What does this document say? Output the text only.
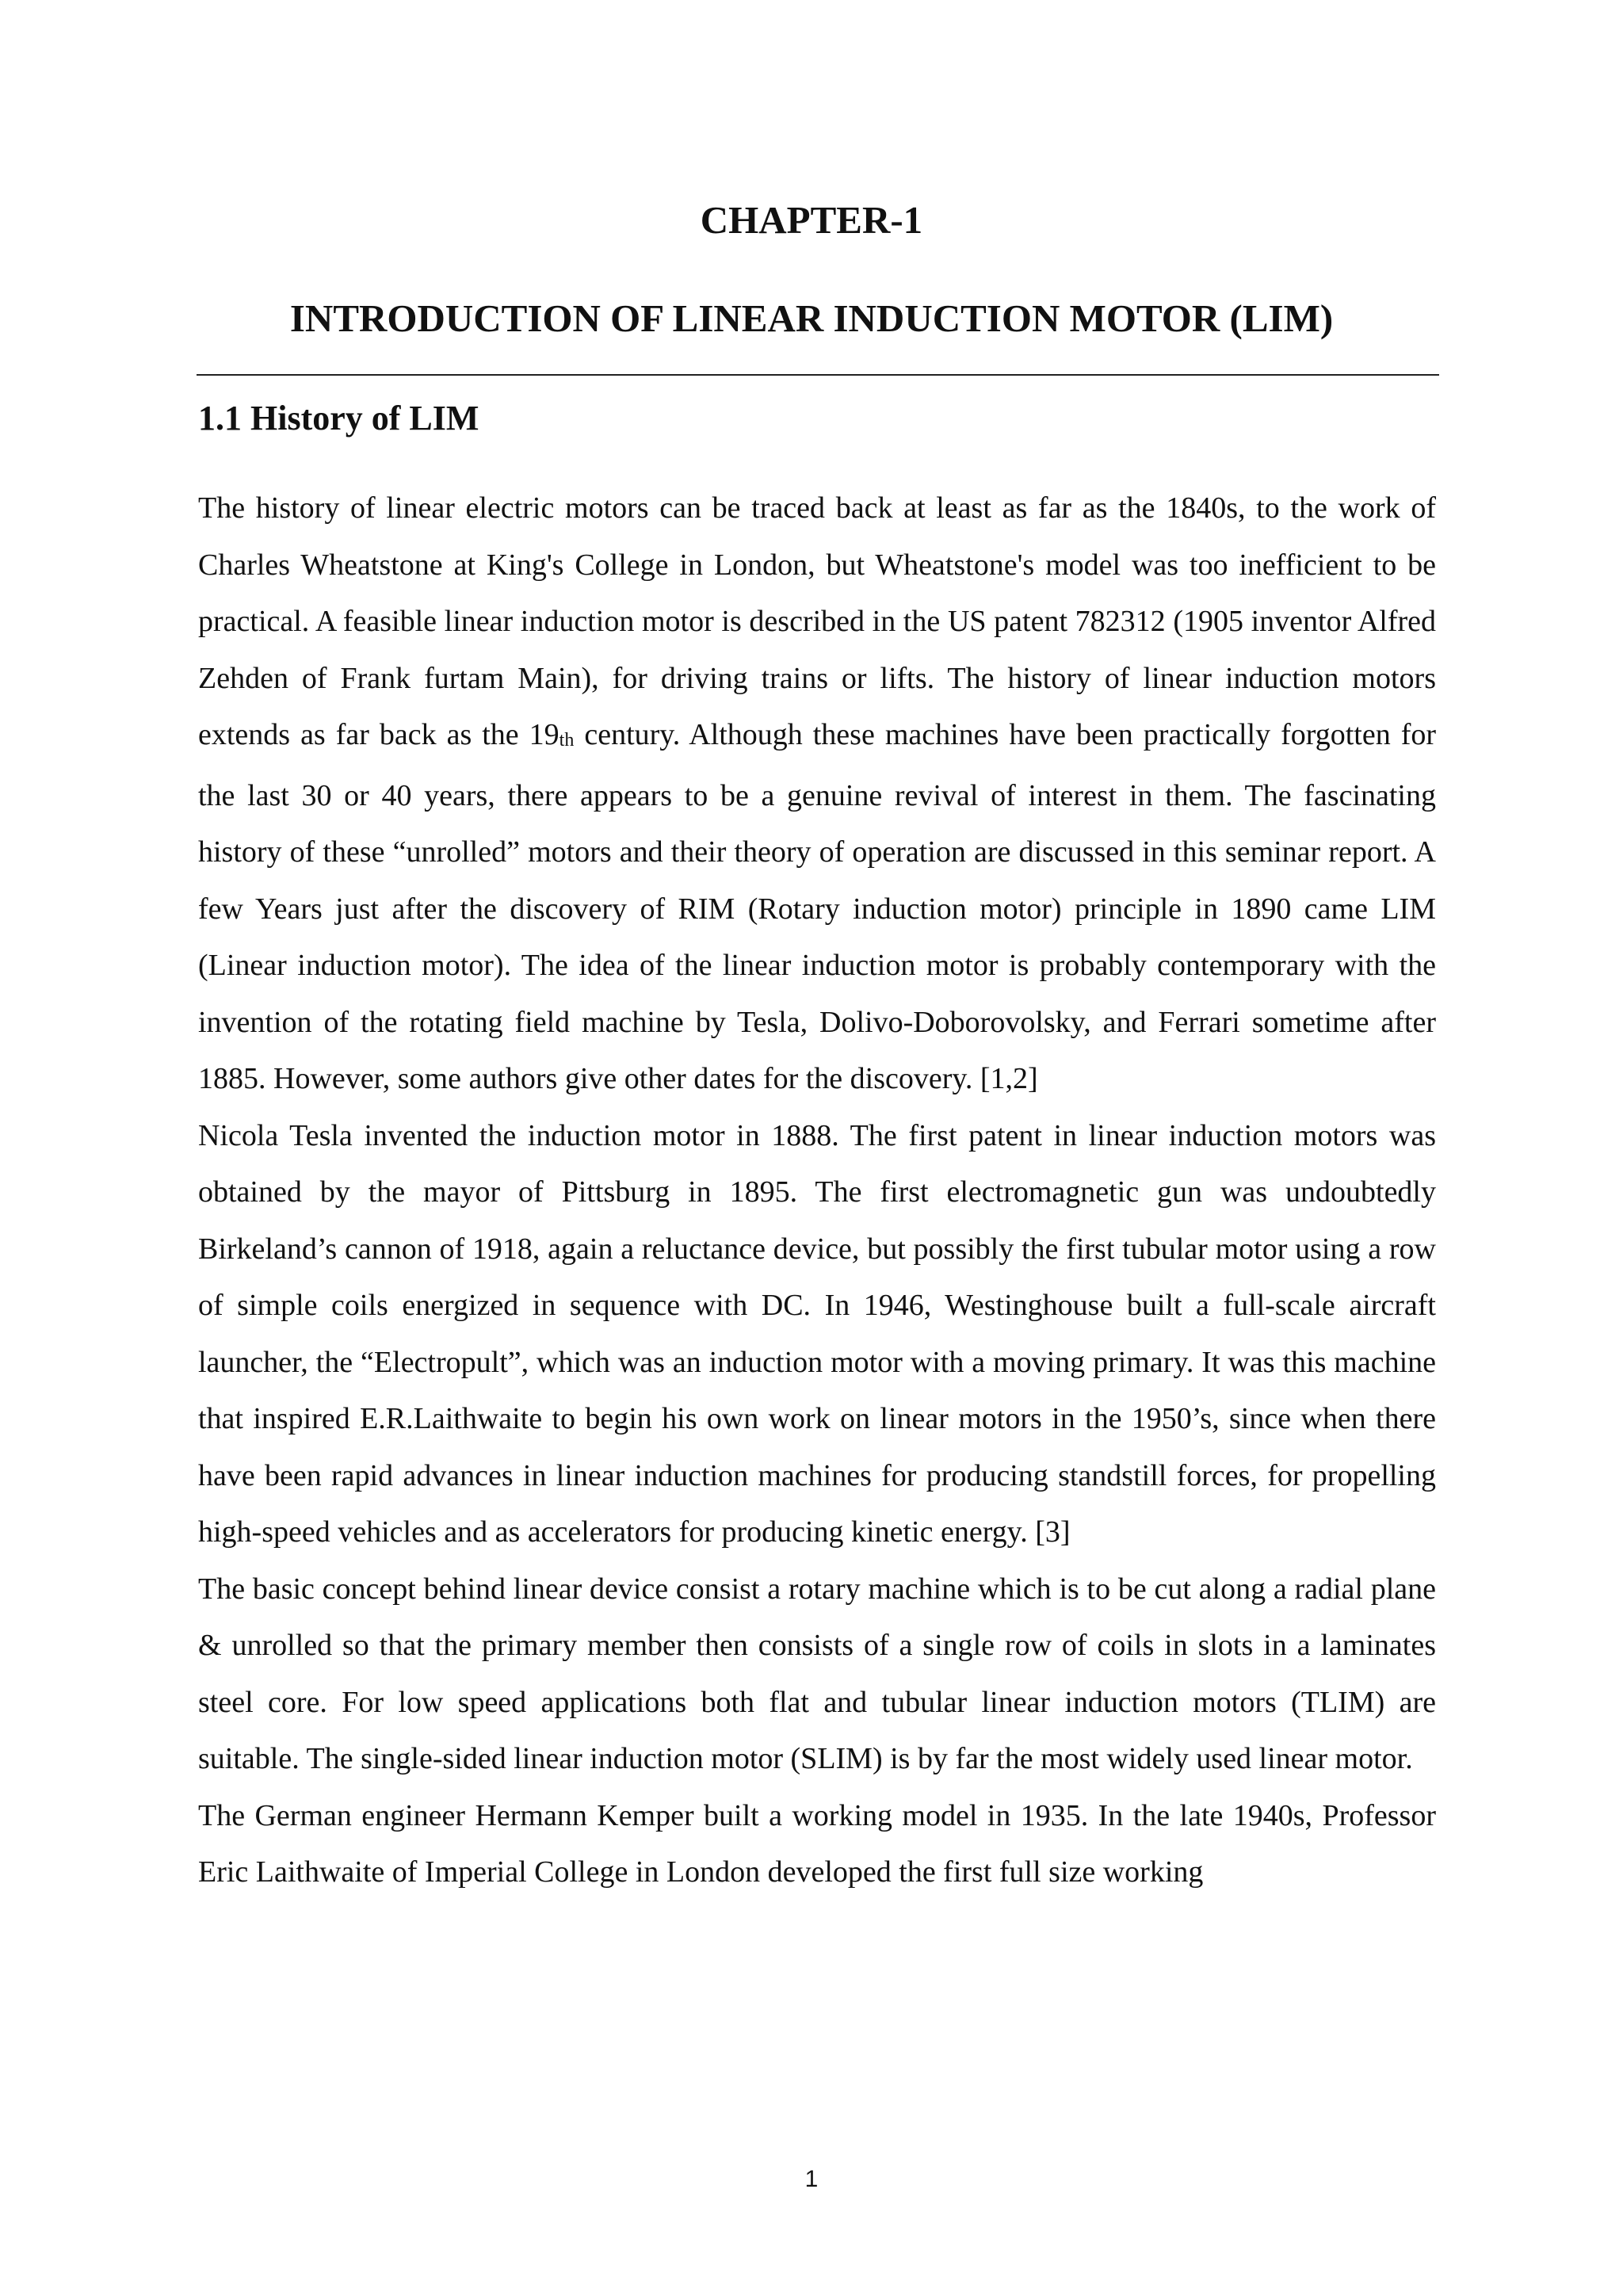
CHAPTER-1
INTRODUCTION OF LINEAR INDUCTION MOTOR (LIM)
1.1 History of LIM

The history of linear electric motors can be traced back at least as far as the 1840s, to the work of Charles Wheatstone at King's College in London, but Wheatstone's model was too inefficient to be practical. A feasible linear induction motor is described in the US patent 782312 (1905 inventor Alfred Zehden of Frank furtam Main), for driving trains or lifts. The history of linear induction motors extends as far back as the 19th century. Although these machines have been practically forgotten for the last 30 or 40 years, there appears to be a genuine revival of interest in them. The fascinating history of these “unrolled” motors and their theory of operation are discussed in this seminar report. A few Years just after the discovery of RIM (Rotary induction motor) principle in 1890 came LIM (Linear induction motor). The idea of the linear induction motor is probably contemporary with the invention of the rotating field machine by Tesla, Dolivo-Doborovolsky, and Ferrari sometime after 1885. However, some authors give other dates for the discovery. [1,2]

Nicola Tesla invented the induction motor in 1888. The first patent in linear induction motors was obtained by the mayor of Pittsburg in 1895. The first electromagnetic gun was undoubtedly Birkeland’s cannon of 1918, again a reluctance device, but possibly the first tubular motor using a row of simple coils energized in sequence with DC. In 1946, Westinghouse built a full-scale aircraft launcher, the “Electropult”, which was an induction motor with a moving primary. It was this machine that inspired E.R.Laithwaite to begin his own work on linear motors in the 1950’s, since when there have been rapid advances in linear induction machines for producing standstill forces, for propelling high-speed vehicles and as accelerators for producing kinetic energy. [3]

The basic concept behind linear device consist a rotary machine which is to be cut along a radial plane & unrolled so that the primary member then consists of a single row of coils in slots in a laminates steel core. For low speed applications both flat and tubular linear induction motors (TLIM) are suitable. The single-sided linear induction motor (SLIM) is by far the most widely used linear motor.

The German engineer Hermann Kemper built a working model in 1935. In the late 1940s, Professor Eric Laithwaite of Imperial College in London developed the first full size working

1
